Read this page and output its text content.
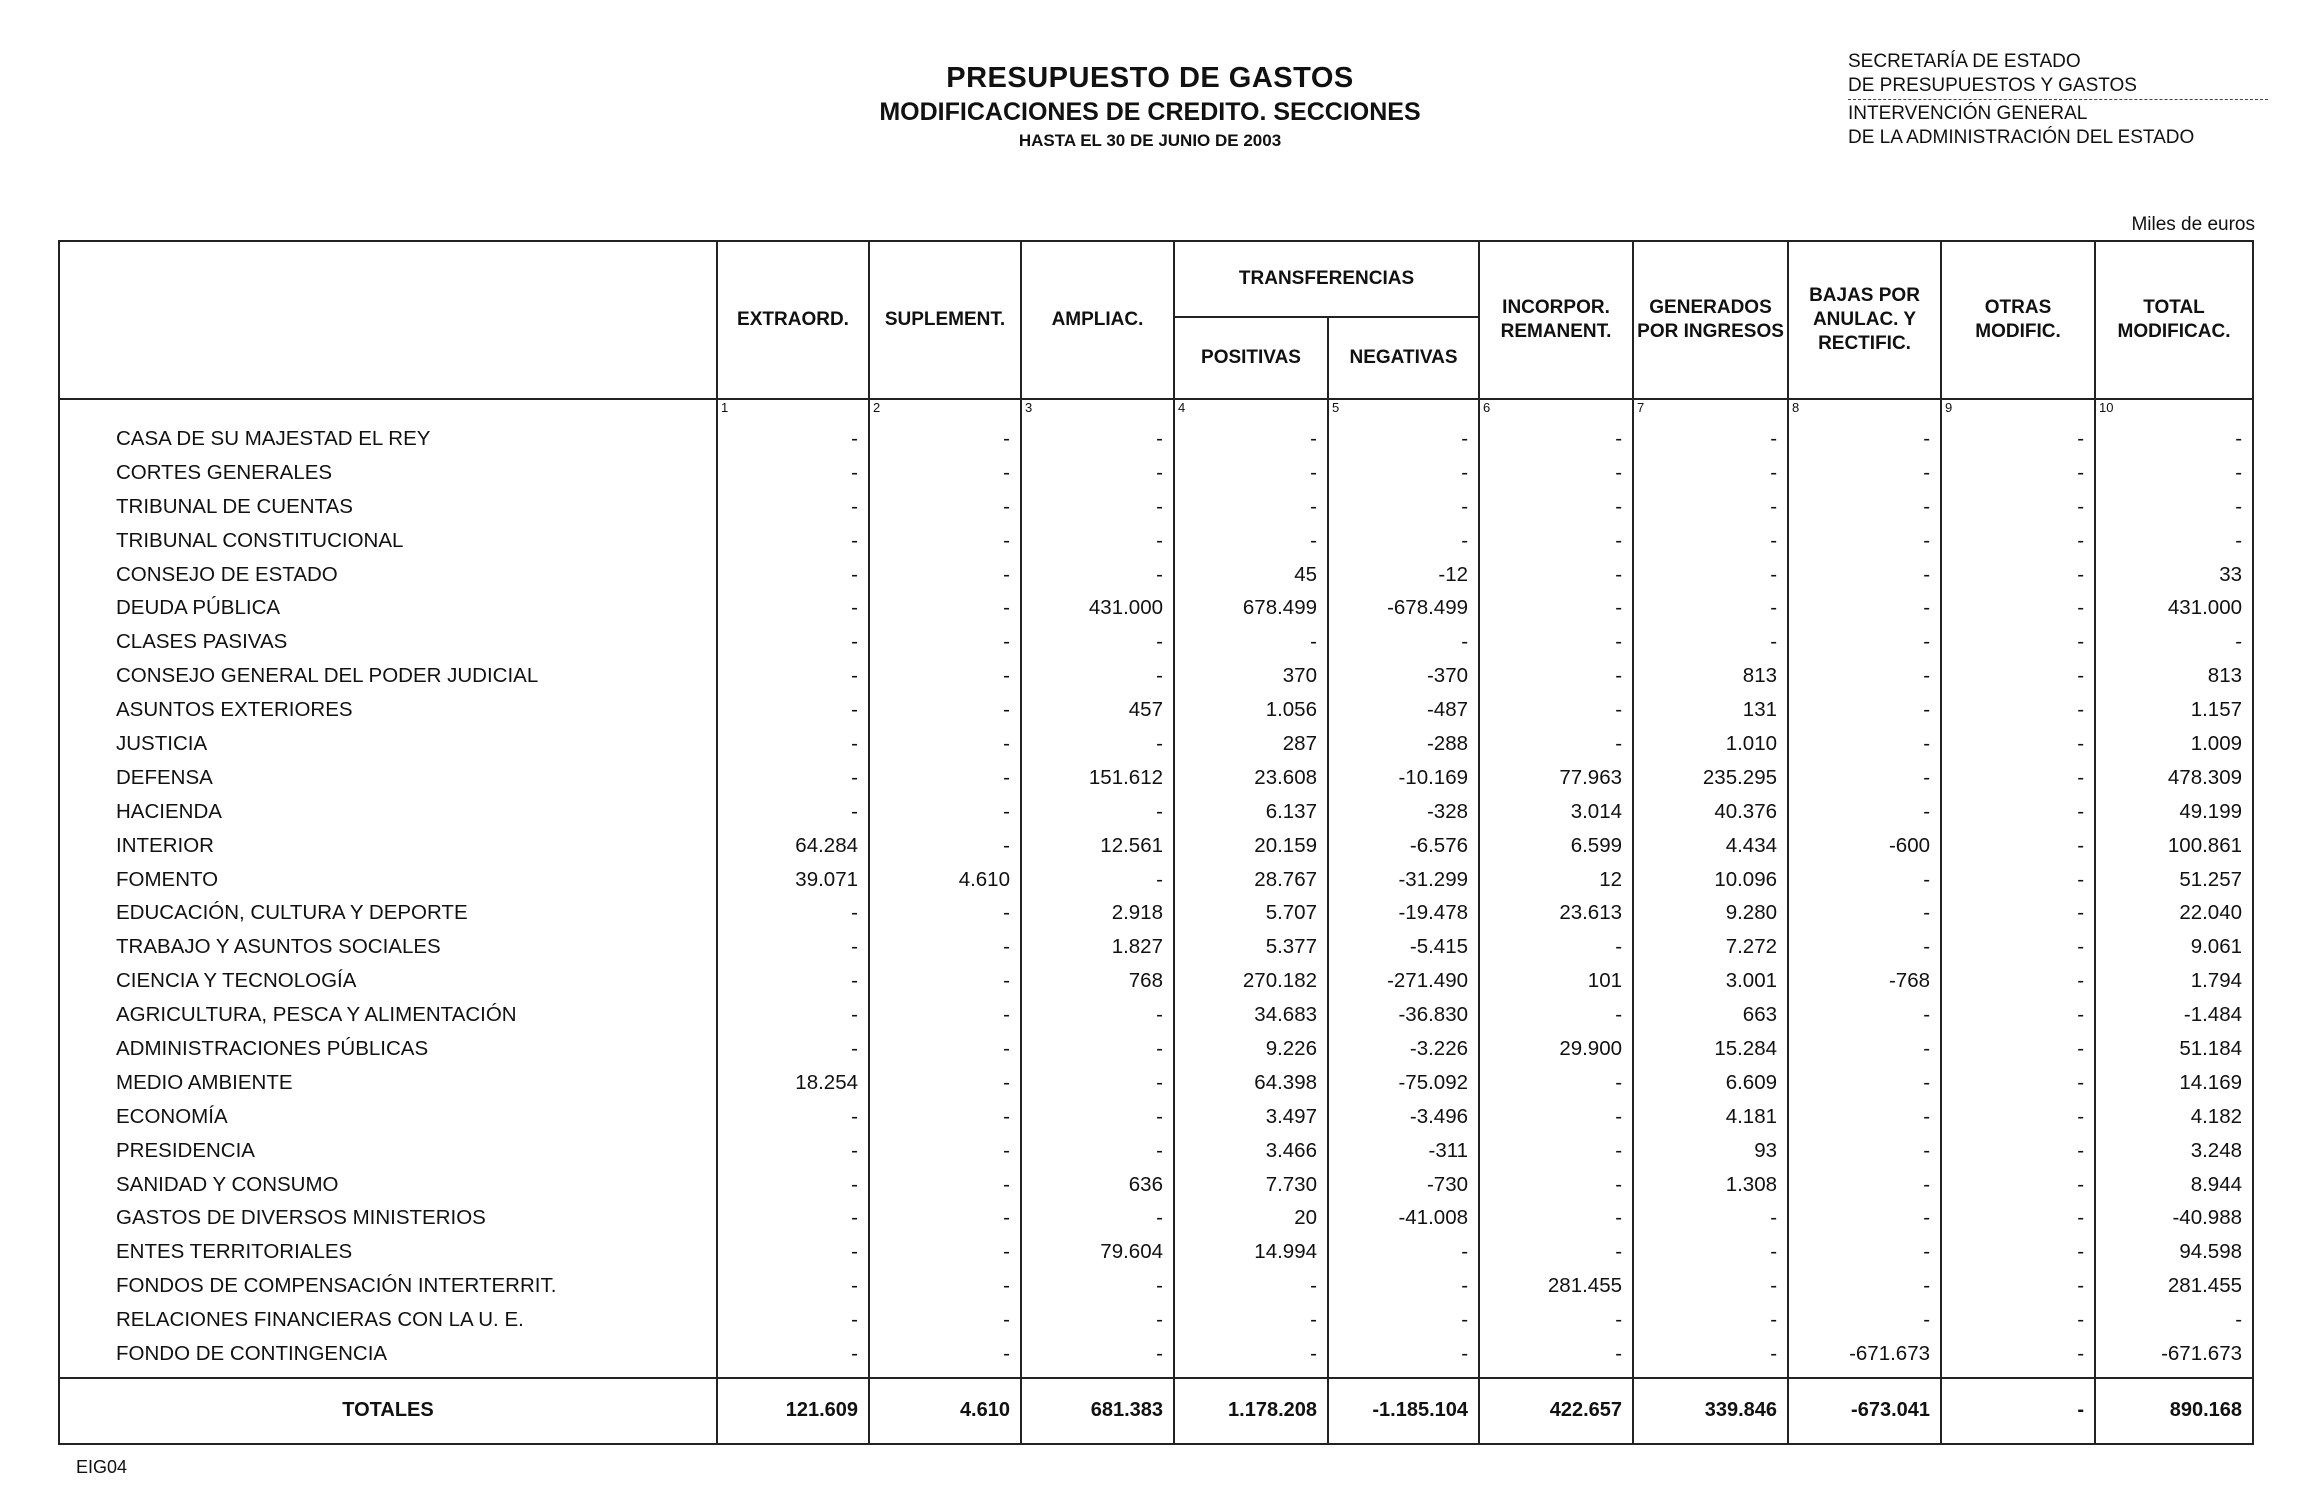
PRESUPUESTO DE GASTOS
MODIFICACIONES DE CREDITO. SECCIONES
HASTA EL 30 DE JUNIO DE 2003
SECRETARÍA DE ESTADO
DE PRESUPUESTOS Y GASTOS
INTERVENCIÓN GENERAL
DE LA ADMINISTRACIÓN DEL ESTADO
Miles de euros
	EXTRAORD.	SUPLEMENT.	AMPLIAC.	TRANSFERENCIAS		INCORPOR. REMANENT.	GENERADOS POR INGRESOS	BAJAS POR ANULAC. Y RECTIFIC.	OTRAS MODIFIC.	TOTAL MODIFICAC.
				POSITIVAS	NEGATIVAS					
	1	2	3	4	5	6	7	8	9	10
CASA DE SU MAJESTAD EL REY	-	-	-	-	-	-	-	-	-	-
CORTES GENERALES	-	-	-	-	-	-	-	-	-	-
TRIBUNAL DE CUENTAS	-	-	-	-	-	-	-	-	-	-
TRIBUNAL CONSTITUCIONAL	-	-	-	-	-	-	-	-	-	-
CONSEJO DE ESTADO	-	-	-	45	-12	-	-	-	-	33
DEUDA PÚBLICA	-	-	431.000	678.499	-678.499	-	-	-	-	431.000
CLASES PASIVAS	-	-	-	-	-	-	-	-	-	-
CONSEJO GENERAL DEL PODER JUDICIAL	-	-	-	370	-370	-	813	-	-	813
ASUNTOS EXTERIORES	-	-	457	1.056	-487	-	131	-	-	1.157
JUSTICIA	-	-	-	287	-288	-	1.010	-	-	1.009
DEFENSA	-	-	151.612	23.608	-10.169	77.963	235.295	-	-	478.309
HACIENDA	-	-	-	6.137	-328	3.014	40.376	-	-	49.199
INTERIOR	64.284	-	12.561	20.159	-6.576	6.599	4.434	-600	-	100.861
FOMENTO	39.071	4.610	-	28.767	-31.299	12	10.096	-	-	51.257
EDUCACIÓN, CULTURA Y DEPORTE	-	-	2.918	5.707	-19.478	23.613	9.280	-	-	22.040
TRABAJO Y ASUNTOS SOCIALES	-	-	1.827	5.377	-5.415	-	7.272	-	-	9.061
CIENCIA Y TECNOLOGÍA	-	-	768	270.182	-271.490	101	3.001	-768	-	1.794
AGRICULTURA, PESCA Y ALIMENTACIÓN	-	-	-	34.683	-36.830	-	663	-	-	-1.484
ADMINISTRACIONES PÚBLICAS	-	-	-	9.226	-3.226	29.900	15.284	-	-	51.184
MEDIO AMBIENTE	18.254	-	-	64.398	-75.092	-	6.609	-	-	14.169
ECONOMÍA	-	-	-	3.497	-3.496	-	4.181	-	-	4.182
PRESIDENCIA	-	-	-	3.466	-311	-	93	-	-	3.248
SANIDAD Y CONSUMO	-	-	636	7.730	-730	-	1.308	-	-	8.944
GASTOS DE DIVERSOS MINISTERIOS	-	-	-	20	-41.008	-	-	-	-	-40.988
ENTES TERRITORIALES	-	-	79.604	14.994	-	-	-	-	-	94.598
FONDOS DE COMPENSACIÓN INTERTERRIT.	-	-	-	-	-	281.455	-	-	-	281.455
RELACIONES FINANCIERAS CON LA U. E.	-	-	-	-	-	-	-	-	-	-
FONDO DE CONTINGENCIA	-	-	-	-	-	-	-	-671.673	-	-671.673
TOTALES	121.609	4.610	681.383	1.178.208	-1.185.104	422.657	339.846	-673.041	-	890.168
EIG04
